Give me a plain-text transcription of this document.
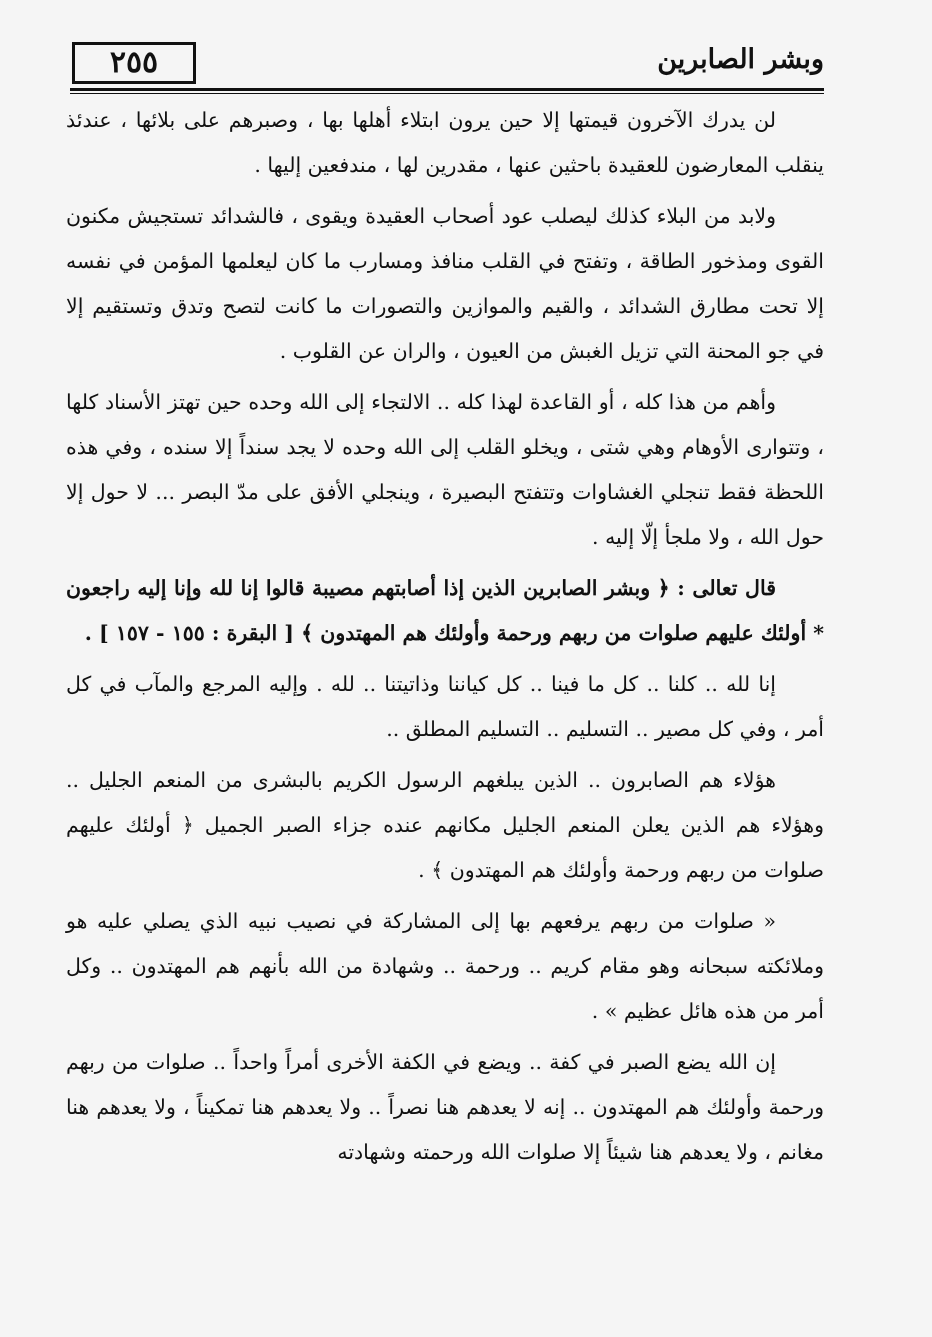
٢٥٥	وبشر الصابرين

لن يدرك الآخرون قيمتها إلا حين يرون ابتلاء أهلها بها ، وصبرهم على بلائها ، عندئذ ينقلب المعارضون للعقيدة باحثين عنها ، مقدرين لها ، مندفعين إليها .

ولابد من البلاء كذلك ليصلب عود أصحاب العقيدة ويقوى ، فالشدائد تستجيش مكنون القوى ومذخور الطاقة ، وتفتح في القلب منافذ ومسارب ما كان ليعلمها المؤمن في نفسه إلا تحت مطارق الشدائد ، والقيم والموازين والتصورات ما كانت لتصح وتدق وتستقيم إلا في جو المحنة التي تزيل الغبش من العيون ، والران عن القلوب .

وأهم من هذا كله ، أو القاعدة لهذا كله .. الالتجاء إلى الله وحده حين تهتز الأسناد كلها ، وتتوارى الأوهام وهي شتى ، ويخلو القلب إلى الله وحده لا يجد سنداً إلا سنده ، وفي هذه اللحظة فقط تنجلي الغشاوات وتتفتح البصيرة ، وينجلي الأفق على مدّ البصر ... لا حول إلا حول الله ، ولا ملجأ إلّا إليه .

قال تعالى : ﴿ وبشر الصابرين الذين إذا أصابتهم مصيبة قالوا إنا لله وإنا إليه راجعون * أولئك عليهم صلوات من ربهم ورحمة وأولئك هم المهتدون ﴾ [ البقرة : ١٥٥ - ١٥٧ ] .

إنا لله .. كلنا .. كل ما فينا .. كل كياننا وذاتيتنا .. لله . وإليه المرجع والمآب في كل أمر ، وفي كل مصير .. التسليم .. التسليم المطلق ..

هؤلاء هم الصابرون .. الذين يبلغهم الرسول الكريم بالبشرى من المنعم الجليل .. وهؤلاء هم الذين يعلن المنعم الجليل مكانهم عنده جزاء الصبر الجميل ﴿ أولئك عليهم صلوات من ربهم ورحمة وأولئك هم المهتدون ﴾ .

« صلوات من ربهم يرفعهم بها إلى المشاركة في نصيب نبيه الذي يصلي عليه هو وملائكته سبحانه وهو مقام كريم .. ورحمة .. وشهادة من الله بأنهم هم المهتدون .. وكل أمر من هذه هائل عظيم » .

إن الله يضع الصبر في كفة .. ويضع في الكفة الأخرى أمراً واحداً .. صلوات من ربهم ورحمة وأولئك هم المهتدون .. إنه لا يعدهم هنا نصراً .. ولا يعدهم هنا تمكيناً ، ولا يعدهم هنا مغانم ، ولا يعدهم هنا شيئاً إلا صلوات الله ورحمته وشهادته
